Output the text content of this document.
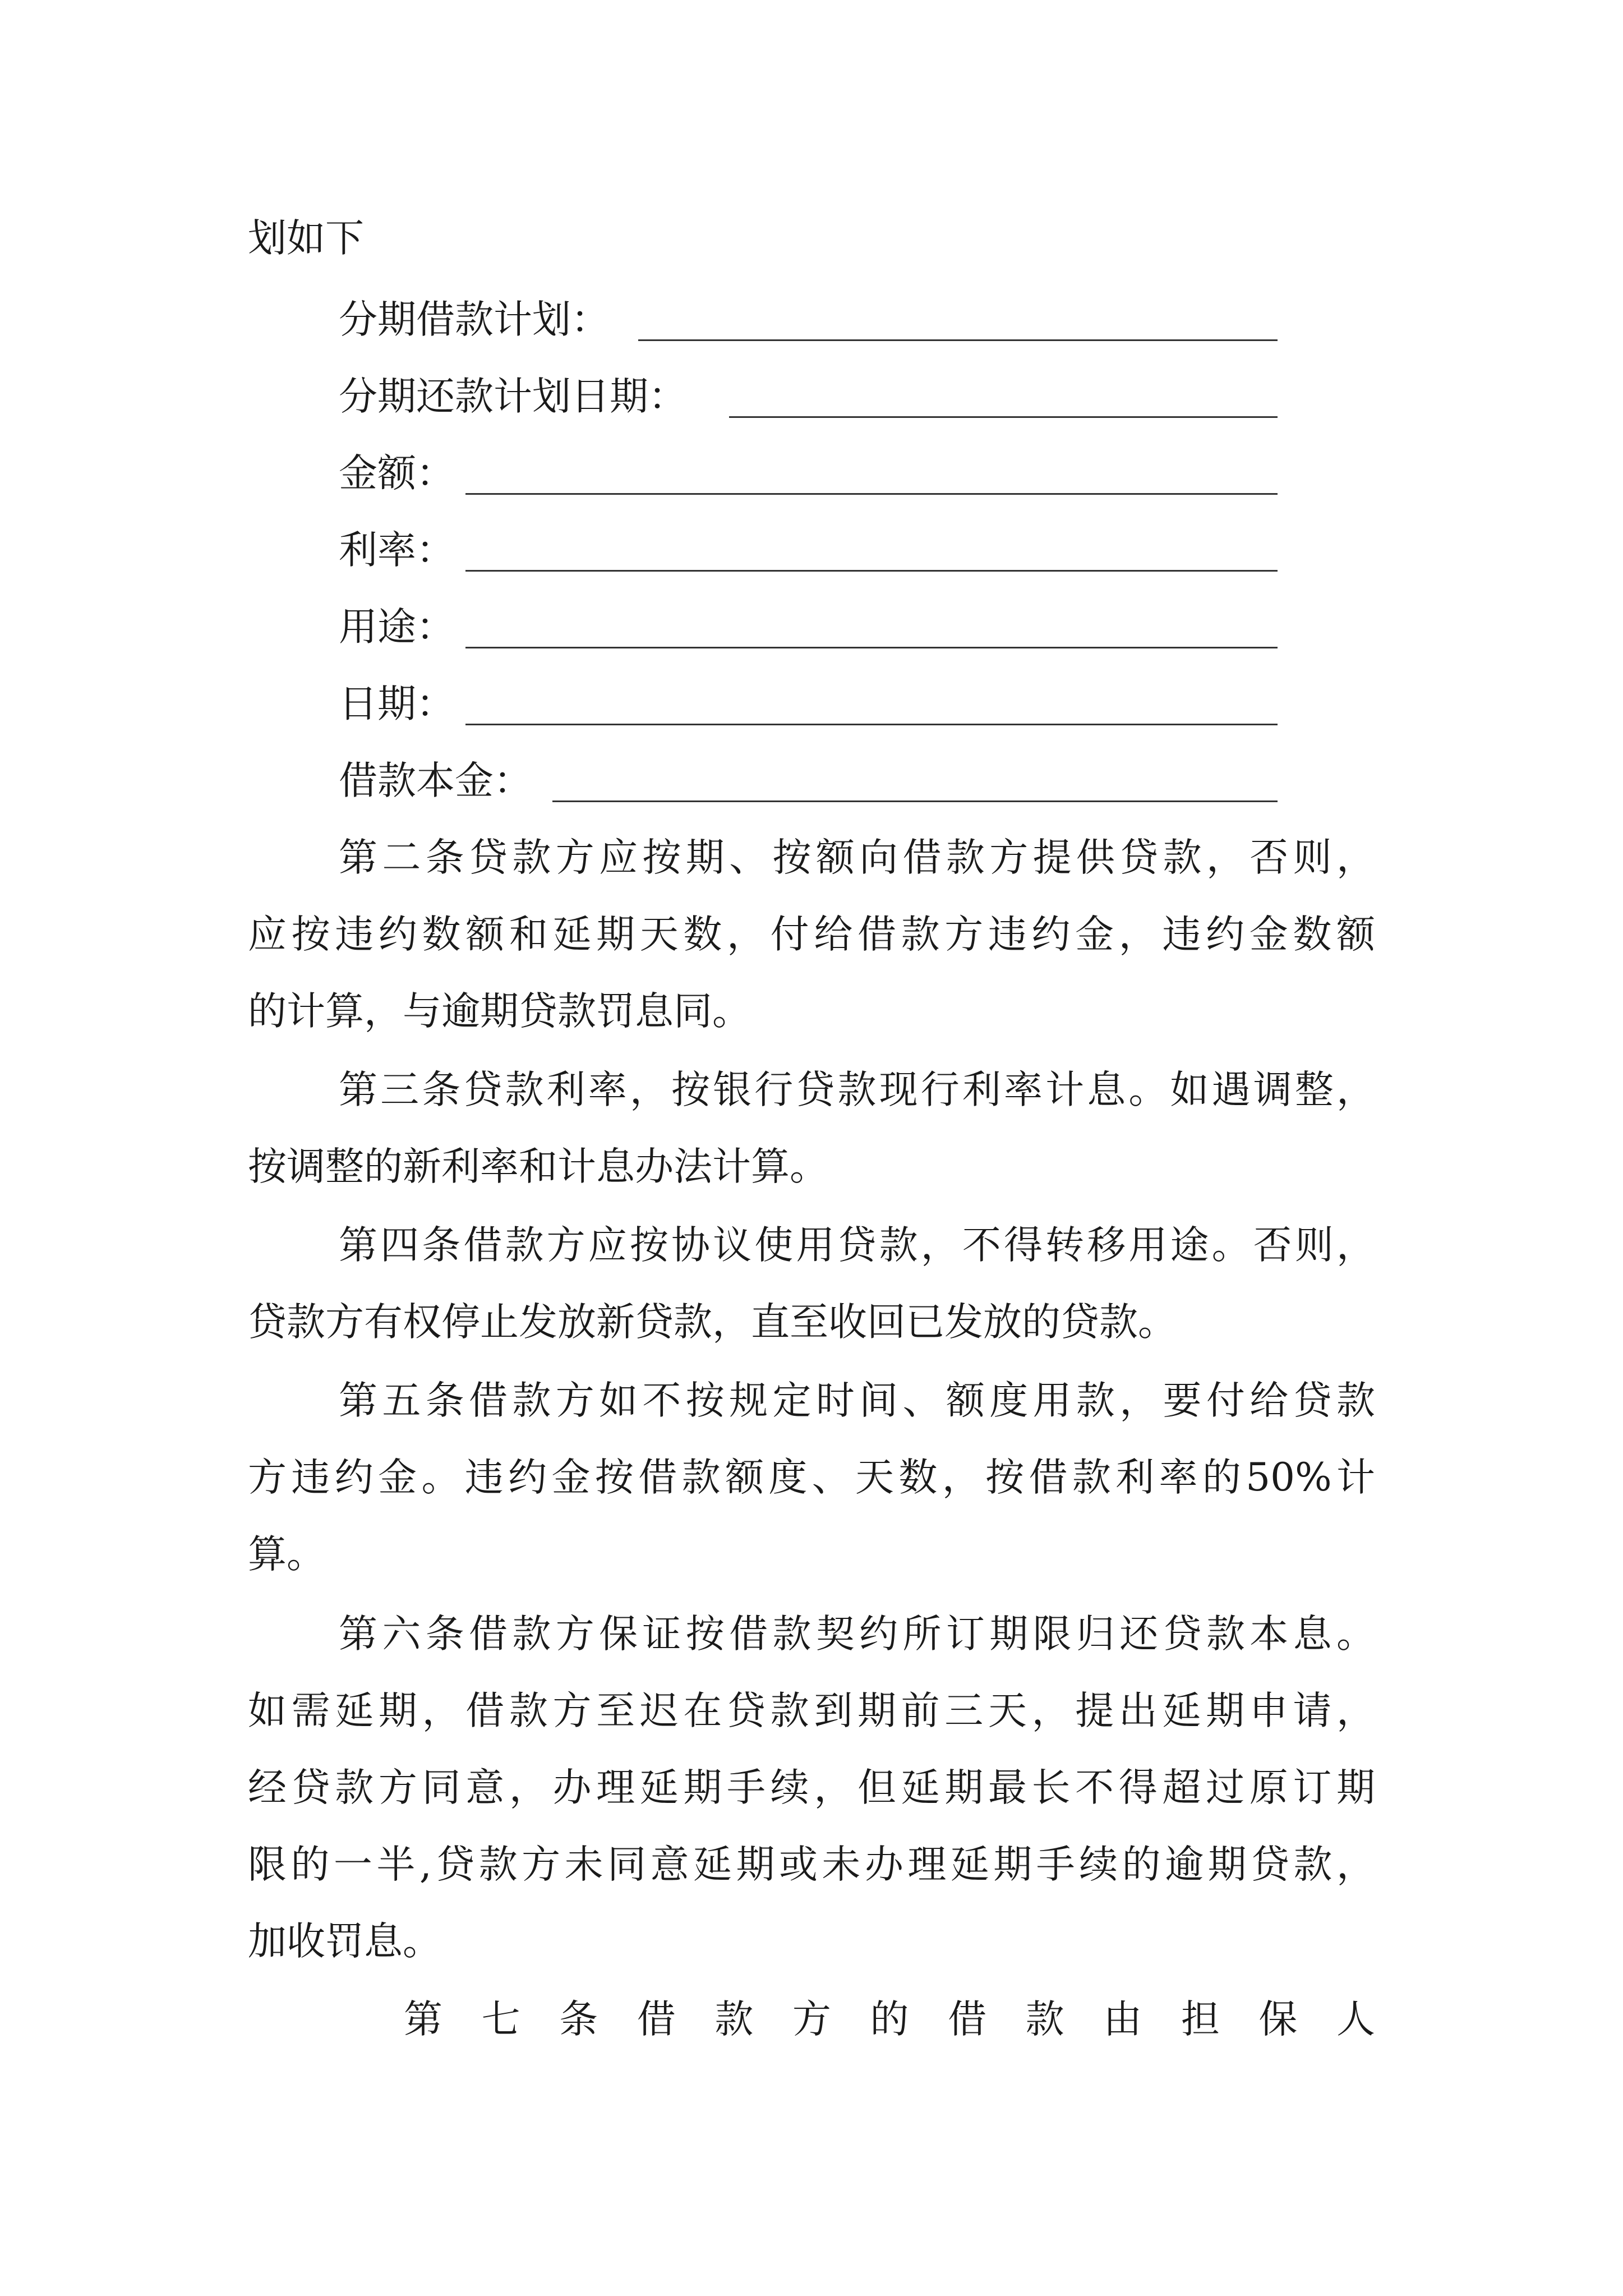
划如下
分期借款计划：
分期还款计划日期：
金额：
利率：
用途：
日期：
借款本金：
第二条贷款方应按期、按额向借款方提供贷款，否则，
应按违约数额和延期天数，付给借款方违约金，违约金数额
的计算，与逾期贷款罚息同。
第三条贷款利率，按银行贷款现行利率计息。如遇调整，
按调整的新利率和计息办法计算。
第四条借款方应按协议使用贷款，不得转移用途。否则，
贷款方有权停止发放新贷款，直至收回已发放的贷款。
第五条借款方如不按规定时间、额度用款，要付给贷款
方违约金。违约金按借款额度、天数，按借款利率的50%计
算。
第六条借款方保证按借款契约所订期限归还贷款本息。
如需延期，借款方至迟在贷款到期前三天，提出延期申请，
经贷款方同意，办理延期手续，但延期最长不得超过原订期
限的一半,贷款方未同意延期或未办理延期手续的逾期贷款，
加收罚息。
第 七 条 借 款 方 的 借 款 由 担 保 人
